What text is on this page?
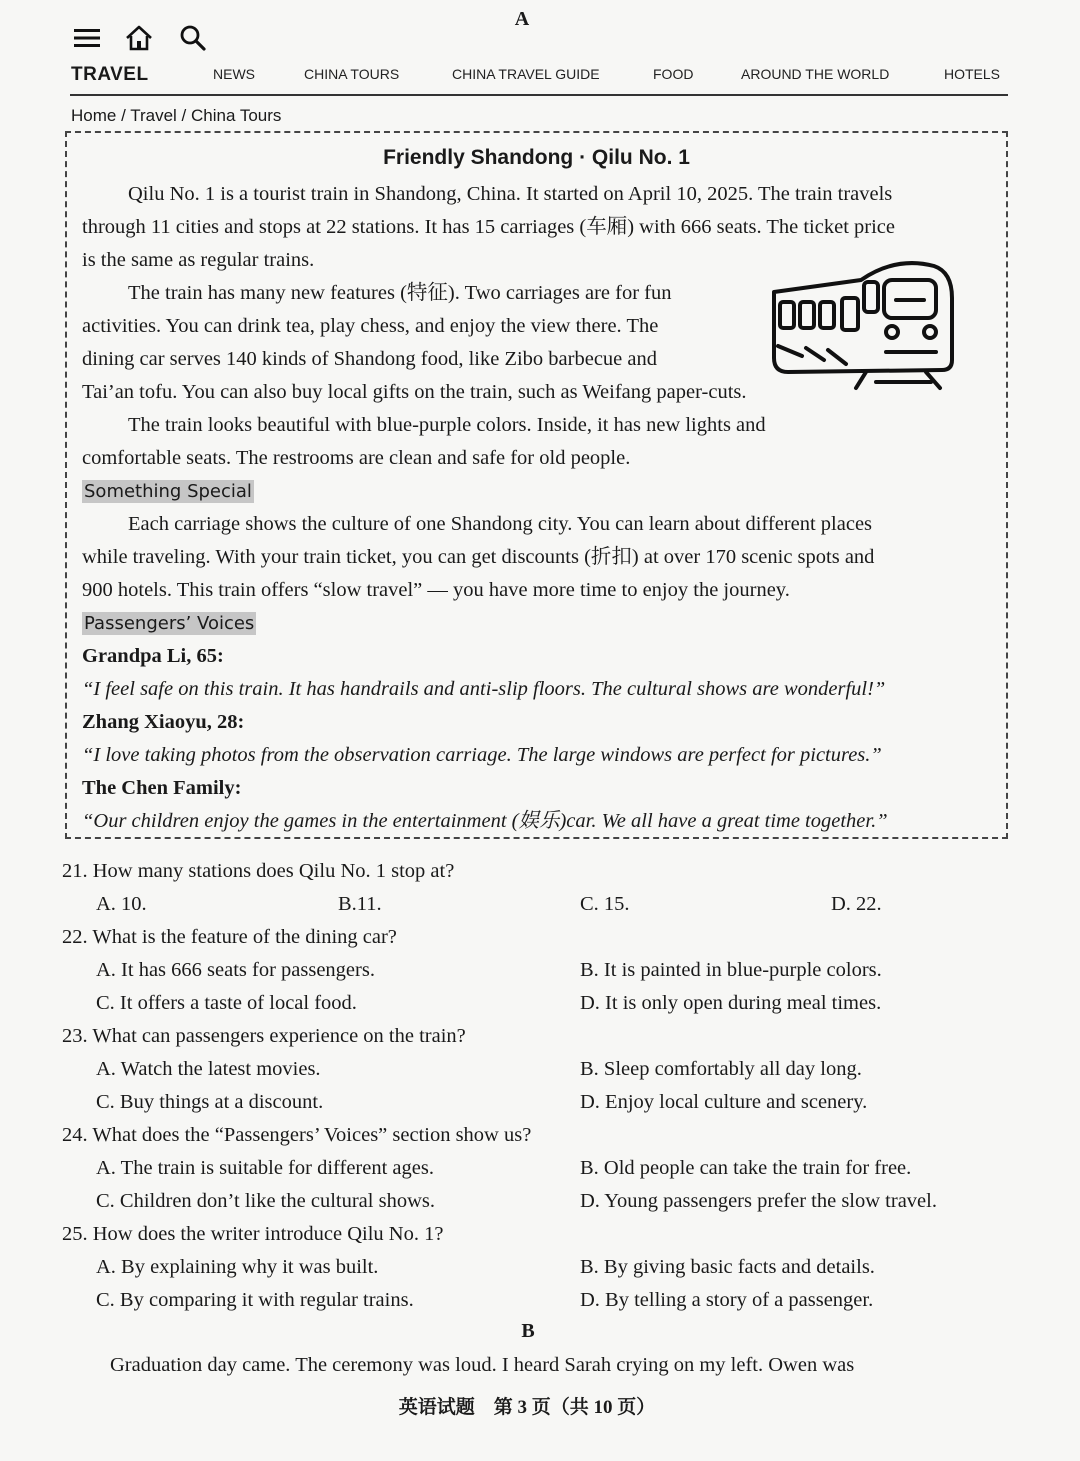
A
TRAVEL	NEWS	CHINA TOURS	CHINA TRAVEL GUIDE	FOOD	AROUND THE WORLD	HOTELS
Home / Travel / China Tours
Friendly Shandong · Qilu No. 1
Qilu No. 1 is a tourist train in Shandong, China. It started on April 10, 2025. The train travels
through 11 cities and stops at 22 stations. It has 15 carriages (车厢) with 666 seats. The ticket price
is the same as regular trains.
The train has many new features (特征). Two carriages are for fun
activities. You can drink tea, play chess, and enjoy the view there. The
dining car serves 140 kinds of Shandong food, like Zibo barbecue and
Tai’an tofu. You can also buy local gifts on the train, such as Weifang paper-cuts.
The train looks beautiful with blue-purple colors. Inside, it has new lights and
comfortable seats. The restrooms are clean and safe for old people.
Something Special
Each carriage shows the culture of one Shandong city. You can learn about different places
while traveling. With your train ticket, you can get discounts (折扣) at over 170 scenic spots and
900 hotels. This train offers “slow travel” — you have more time to enjoy the journey.
Passengers’ Voices
Grandpa Li, 65:
“I feel safe on this train. It has handrails and anti-slip floors. The cultural shows are wonderful!”
Zhang Xiaoyu, 28:
“I love taking photos from the observation carriage. The large windows are perfect for pictures.”
The Chen Family:
“Our children enjoy the games in the entertainment (娱乐)car. We all have a great time together.”
21. How many stations does Qilu No. 1 stop at?
A. 10.	B.11.	C. 15.	D. 22.
22. What is the feature of the dining car?
A. It has 666 seats for passengers.	B. It is painted in blue-purple colors.
C. It offers a taste of local food.	D. It is only open during meal times.
23. What can passengers experience on the train?
A. Watch the latest movies.	B. Sleep comfortably all day long.
C. Buy things at a discount.	D. Enjoy local culture and scenery.
24. What does the “Passengers’ Voices” section show us?
A. The train is suitable for different ages.	B. Old people can take the train for free.
C. Children don’t like the cultural shows.	D. Young passengers prefer the slow travel.
25. How does the writer introduce Qilu No. 1?
A. By explaining why it was built.	B. By giving basic facts and details.
C. By comparing it with regular trains.	D. By telling a story of a passenger.
B
Graduation day came. The ceremony was loud. I heard Sarah crying on my left. Owen was
英语试题　第 3 页（共 10 页）
